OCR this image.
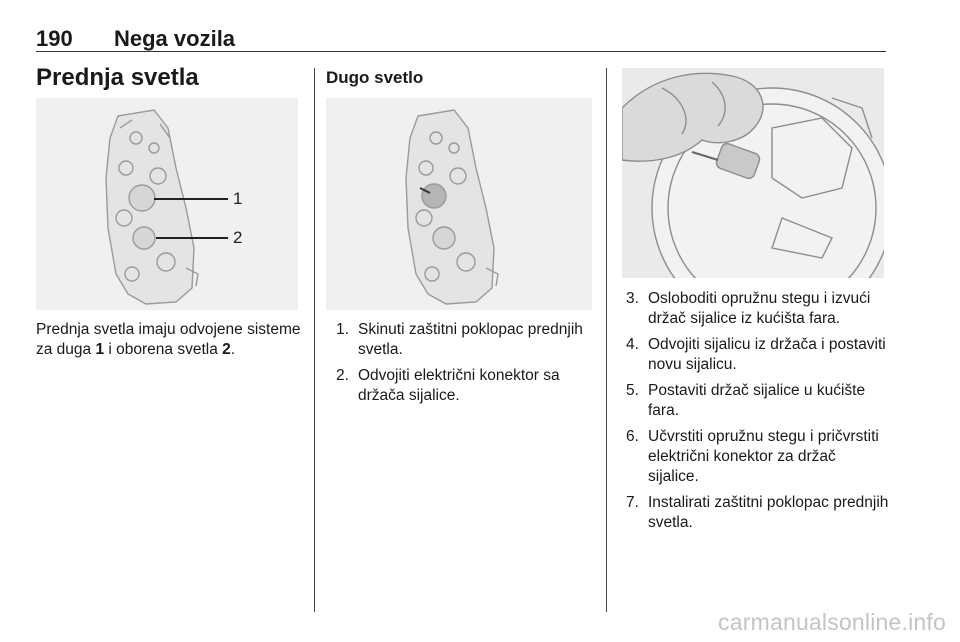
190 Nega vozila
Prednja svetla
1
2
Prednja svetla imaju odvojene sisteme za duga 1 i oborena svetla 2.
Dugo svetlo
1. Skinuti zaštitni poklopac prednjih svetla.
2. Odvojiti električni konektor sa držača sijalice.
3. Osloboditi opružnu stegu i izvući držač sijalice iz kućišta fara.
4. Odvojiti sijalicu iz držača i postaviti novu sijalicu.
5. Postaviti držač sijalice u kućište fara.
6. Učvrstiti opružnu stegu i pričvrstiti električni konektor za držač sijalice.
7. Instalirati zaštitni poklopac prednjih svetla.
carmanualsonline.info
